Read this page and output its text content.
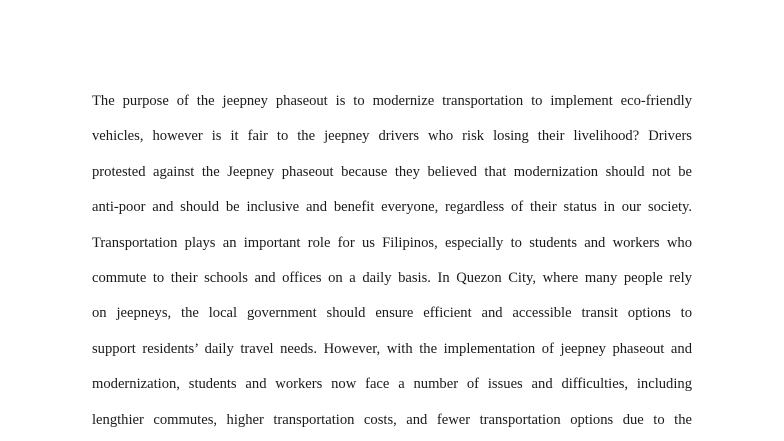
The purpose of the jeepney phaseout is to modernize transportation to implement eco-friendly
vehicles, however is it fair to the jeepney drivers who risk losing their livelihood? Drivers
protested against the Jeepney phaseout because they believed that modernization should not be
anti-poor and should be inclusive and benefit everyone, regardless of their status in our society.
Transportation plays an important role for us Filipinos, especially to students and workers who
commute to their schools and offices on a daily basis. In Quezon City, where many people rely
on jeepneys, the local government should ensure efficient and accessible transit options to
support residents’ daily travel needs. However, with the implementation of jeepney phaseout and
modernization, students and workers now face a number of issues and difficulties, including
lengthier commutes, higher transportation costs, and fewer transportation options due to the
